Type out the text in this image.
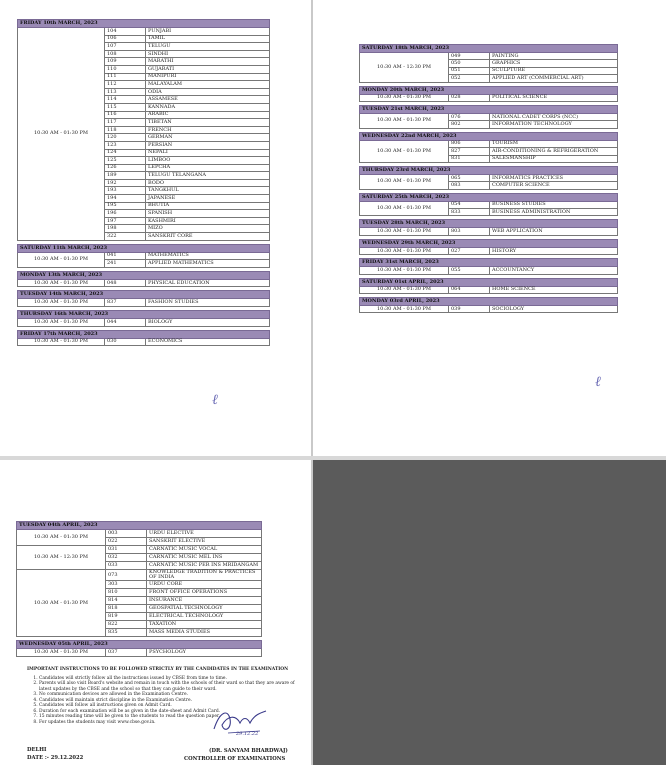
FRIDAY 10th MARCH, 2023		
10:30 AM - 01:30 PM	104	PUNJABI
	106	TAMIL
	107	TELUGU
	108	SINDHI
	109	MARATHI
	110	GUJARATI
	111	MANIPURI
	112	MALAYALAM
	113	ODIA
	114	ASSAMESE
	115	KANNADA
	116	ARABIC
	117	TIBETAN
	118	FRENCH
	120	GERMAN
	123	PERSIAN
	124	NEPALI
	125	LIMBOO
	126	LEPCHA
	189	TELUGU TELANGANA
	192	BODO
	193	TANGKHUL
	194	JAPANESE
	195	BHUTIA
	196	SPANISH
	197	KASHMIRI
	198	MIZO
	322	SANSKRIT CORE

SATURDAY 11th MARCH, 2023		
10:30 AM - 01:30 PM	041	MATHEMATICS
	241	APPLIED MATHEMATICS

MONDAY 13th MARCH, 2023		
10:30 AM - 01:30 PM	048	PHYSICAL EDUCATION

TUESDAY 14th MARCH, 2023		
10:30 AM - 01:30 PM	837	FASHION STUDIES

THURSDAY 16th MARCH, 2023		
10:30 AM - 01:30 PM	044	BIOLOGY

FRIDAY 17th MARCH, 2023		
10:30 AM - 01:30 PM	030	ECONOMICS
ℓ
SATURDAY 18th MARCH, 2023		
10:30 AM - 12:30 PM	049	PAINTING
	050	GRAPHICS
	051	SCULPTURE
	052	APPLIED ART (COMMERCIAL ART)

MONDAY 20th MARCH, 2023		
10:30 AM - 01:30 PM	028	POLITICAL SCIENCE

TUESDAY 21st MARCH, 2023		
10:30 AM - 01:30 PM	076	NATIONAL CADET CORPS (NCC)
	802	INFORMATION TECHNOLOGY

WEDNESDAY 22nd MARCH, 2023		
10:30 AM - 01:30 PM	806	TOURISM
	827	AIR-CONDITIONING & REFRIGERATION
	831	SALESMANSHIP

THURSDAY 23rd MARCH, 2023		
10:30 AM - 01:30 PM	065	INFORMATICS PRACTICES
	083	COMPUTER SCIENCE

SATURDAY 25th MARCH, 2023		
10:30 AM - 01:30 PM	054	BUSINESS STUDIES
	833	BUSINESS ADMINISTRATION

TUESDAY 28th MARCH, 2023		
10:30 AM - 01:30 PM	803	WEB APPLICATION

WEDNESDAY 29th MARCH, 2023		
10:30 AM - 01:30 PM	027	HISTORY

FRIDAY 31st MARCH, 2023		
10:30 AM - 01:30 PM	055	ACCOUNTANCY

SATURDAY 01st APRIL, 2023		
10:30 AM - 01:30 PM	064	HOME SCIENCE

MONDAY 03rd APRIL, 2023		
10:30 AM - 01:30 PM	039	SOCIOLOGY
ℓ
TUESDAY 04th APRIL, 2023		
10:30 AM - 01:30 PM	003	URDU ELECTIVE
	022	SANSKRIT ELECTIVE
10:30 AM - 12:30 PM	031	CARNATIC MUSIC VOCAL
	032	CARNATIC MUSIC MEL INS
	033	CARNATIC MUSIC PER INS MRIDANGAM
10:30 AM - 01:30 PM	073	KNOWLEDGE TRADITION & PRACTICES OF INDIA
	303	URDU CORE
	810	FRONT OFFICE OPERATIONS
	814	INSURANCE
	818	GEOSPATIAL TECHNOLOGY
	819	ELECTRICAL TECHNOLOGY
	822	TAXATION
	835	MASS MEDIA STUDIES

WEDNESDAY 05th APRIL, 2023		
10:30 AM - 01:30 PM	037	PSYCHOLOGY
IMPORTANT INSTRUCTIONS TO BE FOLLOWED STRICTLY BY THE CANDIDATES IN THE EXAMINATION
1. Candidates will strictly follow all the instructions issued by CBSE from time to time.
2. Parents will also visit Board's website and remain in touch with the schools of their ward so that they are aware of latest updates by the CBSE and the school so that they can guide to their ward.
3. No communication devices are allowed in the Examination Centre.
4. Candidates will maintain strict discipline in the Examination Centre.
5. Candidates will follow all instructions given on Admit Card.
6. Duration for each examination will be as given in the date-sheet and Admit Card.
7. 15 minutes reading time will be given to the students to read the question paper.
8. For updates the students may visit www.cbse.gov.in.
DELHI
DATE :- 29.12.2022
29.12.22
(DR. SANYAM BHARDWAJ)
CONTROLLER OF EXAMINATIONS
